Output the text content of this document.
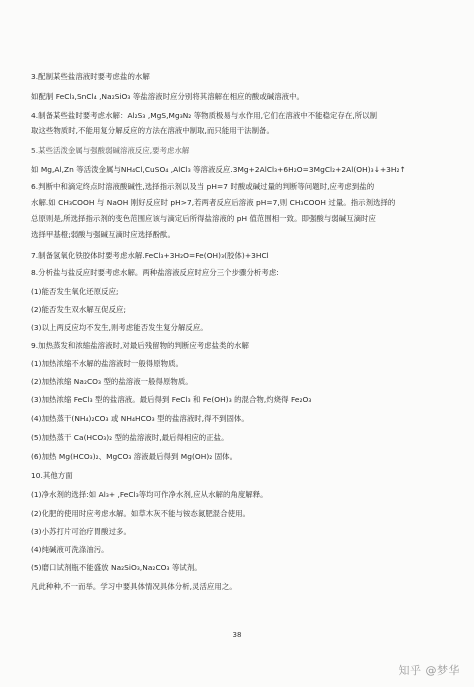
3.配制某些盐溶液时要考虑盐的水解
如配制 FeCl₃,SnCl₄ ,Na₂SiO₃ 等盐溶液时应分别将其溶解在相应的酸或碱溶液中。
4.制备某些盐时要考虑水解：Al₂S₃ ,MgS,Mg₃N₂ 等物质极易与水作用,它们在溶液中不能稳定存在,所以制
取这些物质时,不能用复分解反应的方法在溶液中制取,而只能用干法制备。
5.某些活泼金属与强酸弱碱溶液反应,要考虑水解
如 Mg,Al,Zn 等活泼金属与NH₄Cl,CuSO₄ ,AlCl₃ 等溶液反应.3Mg+2AlCl₃+6H₂O=3MgCl₂+2Al(OH)₃↓+3H₂↑
6.判断中和滴定终点时溶液酸碱性,选择指示剂以及当 pH=7 时酸或碱过量的判断等问题时,应考虑到盐的
水解.如 CH₃COOH 与 NaOH 刚好反应时 pH>7,若两者反应后溶液 pH=7,则 CH₃COOH 过量。指示剂选择的
总原则是,所选择指示剂的变色范围应该与滴定后所得盐溶液的 pH 值范围相一致。即强酸与弱碱互滴时应
选择甲基橙;弱酸与强碱互滴时应选择酚酞。
7.制备氢氧化铁胶体时要考虑水解.FeCl₃+3H₂O=Fe(OH)₃(胶体)+3HCl
8.分析盐与盐反应时要考虑水解。两种盐溶液反应时应分三个步骤分析考虑:
(1)能否发生氧化还原反应;
(2)能否发生双水解互促反应;
(3)以上两反应均不发生,则考虑能否发生复分解反应。
9.加热蒸发和浓缩盐溶液时,对最后残留物的判断应考虑盐类的水解
(1)加热浓缩不水解的盐溶液时一般得原物质。
(2)加热浓缩 Na₂CO₃ 型的盐溶液一般得原物质。
(3)加热浓缩 FeCl₃ 型的盐溶液。最后得到 FeCl₃ 和 Fe(OH)₃ 的混合物,灼烧得 Fe₂O₃
(4)加热蒸干(NH₄)₂CO₃ 或 NH₄HCO₃ 型的盐溶液时,得不到固体。
(5)加热蒸干 Ca(HCO₃)₂ 型的盐溶液时,最后得相应的正盐。
(6)加热 Mg(HCO₃)₂、MgCO₃ 溶液最后得到 Mg(OH)₂ 固体。
10.其他方面
(1)净水剂的选择:如 Al₃+ ,FeCl₃等均可作净水剂,应从水解的角度解释。
(2)化肥的使用时应考虑水解。如草木灰不能与铵态氮肥混合使用。
(3)小苏打片可治疗胃酸过多。
(4)纯碱液可洗涤油污。
(5)磨口试剂瓶不能盛放 Na₂SiO₃,Na₂CO₃ 等试剂。
凡此种种,不一而举。学习中要具体情况具体分析,灵活应用之。
38
知乎 @梦华
